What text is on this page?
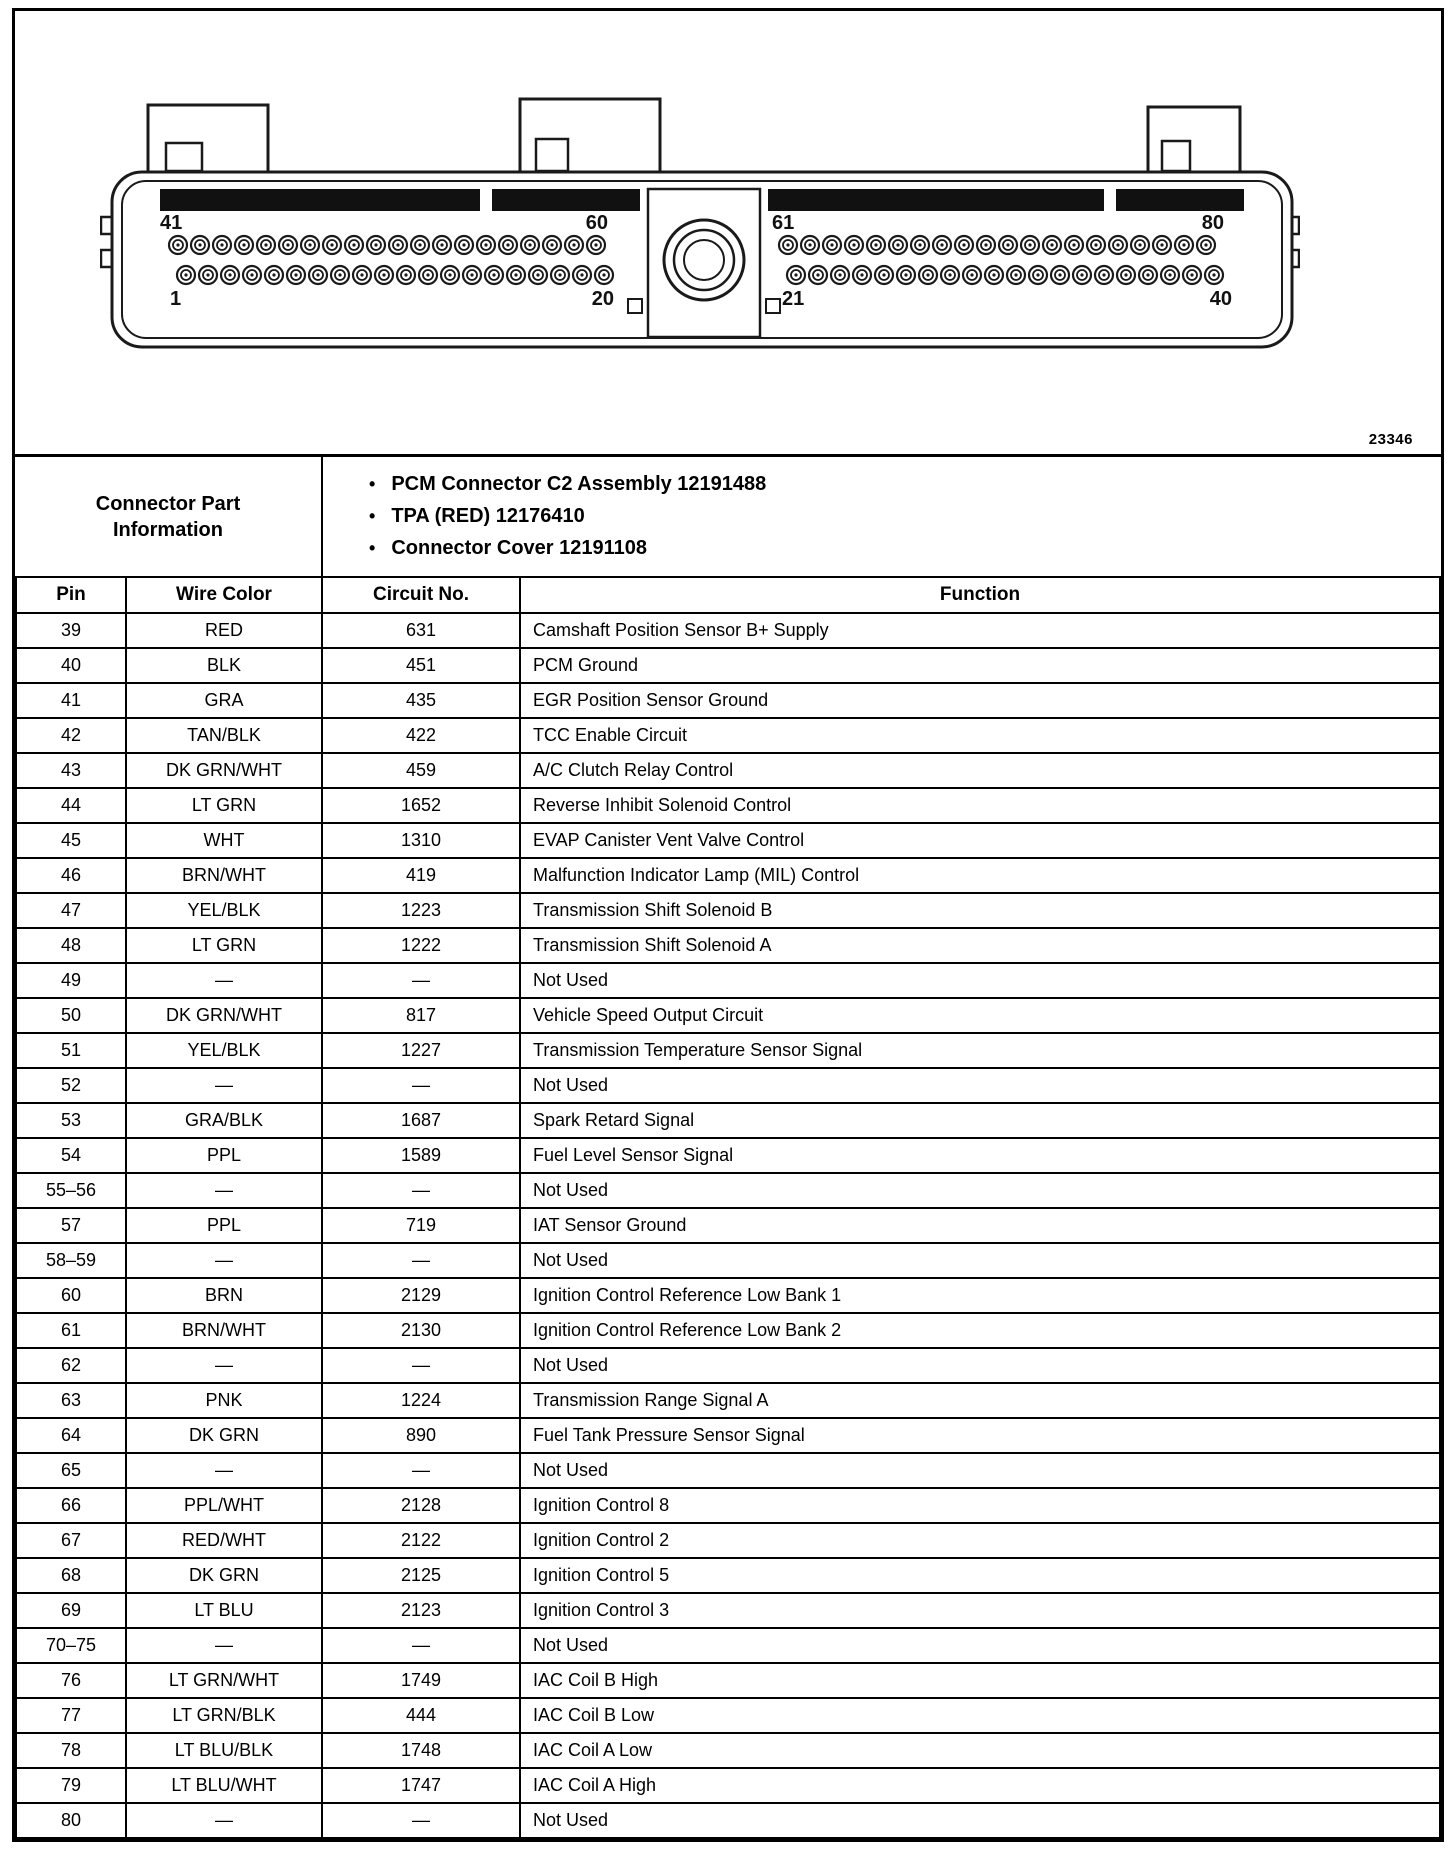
41	60	61	80
1	20	21	40
23346
Connector Part Information
• PCM Connector C2 Assembly 12191488
• TPA (RED) 12176410
• Connector Cover 12191108
Pin	Wire Color	Circuit No.	Function
39	RED	631	Camshaft Position Sensor B+ Supply
40	BLK	451	PCM Ground
41	GRA	435	EGR Position Sensor Ground
42	TAN/BLK	422	TCC Enable Circuit
43	DK GRN/WHT	459	A/C Clutch Relay Control
44	LT GRN	1652	Reverse Inhibit Solenoid Control
45	WHT	1310	EVAP Canister Vent Valve Control
46	BRN/WHT	419	Malfunction Indicator Lamp (MIL) Control
47	YEL/BLK	1223	Transmission Shift Solenoid B
48	LT GRN	1222	Transmission Shift Solenoid A
49	—	—	Not Used
50	DK GRN/WHT	817	Vehicle Speed Output Circuit
51	YEL/BLK	1227	Transmission Temperature Sensor Signal
52	—	—	Not Used
53	GRA/BLK	1687	Spark Retard Signal
54	PPL	1589	Fuel Level Sensor Signal
55–56	—	—	Not Used
57	PPL	719	IAT Sensor Ground
58–59	—	—	Not Used
60	BRN	2129	Ignition Control Reference Low Bank 1
61	BRN/WHT	2130	Ignition Control Reference Low Bank 2
62	—	—	Not Used
63	PNK	1224	Transmission Range Signal A
64	DK GRN	890	Fuel Tank Pressure Sensor Signal
65	—	—	Not Used
66	PPL/WHT	2128	Ignition Control 8
67	RED/WHT	2122	Ignition Control 2
68	DK GRN	2125	Ignition Control 5
69	LT BLU	2123	Ignition Control 3
70–75	—	—	Not Used
76	LT GRN/WHT	1749	IAC Coil B High
77	LT GRN/BLK	444	IAC Coil B Low
78	LT BLU/BLK	1748	IAC Coil A Low
79	LT BLU/WHT	1747	IAC Coil A High
80	—	—	Not Used
